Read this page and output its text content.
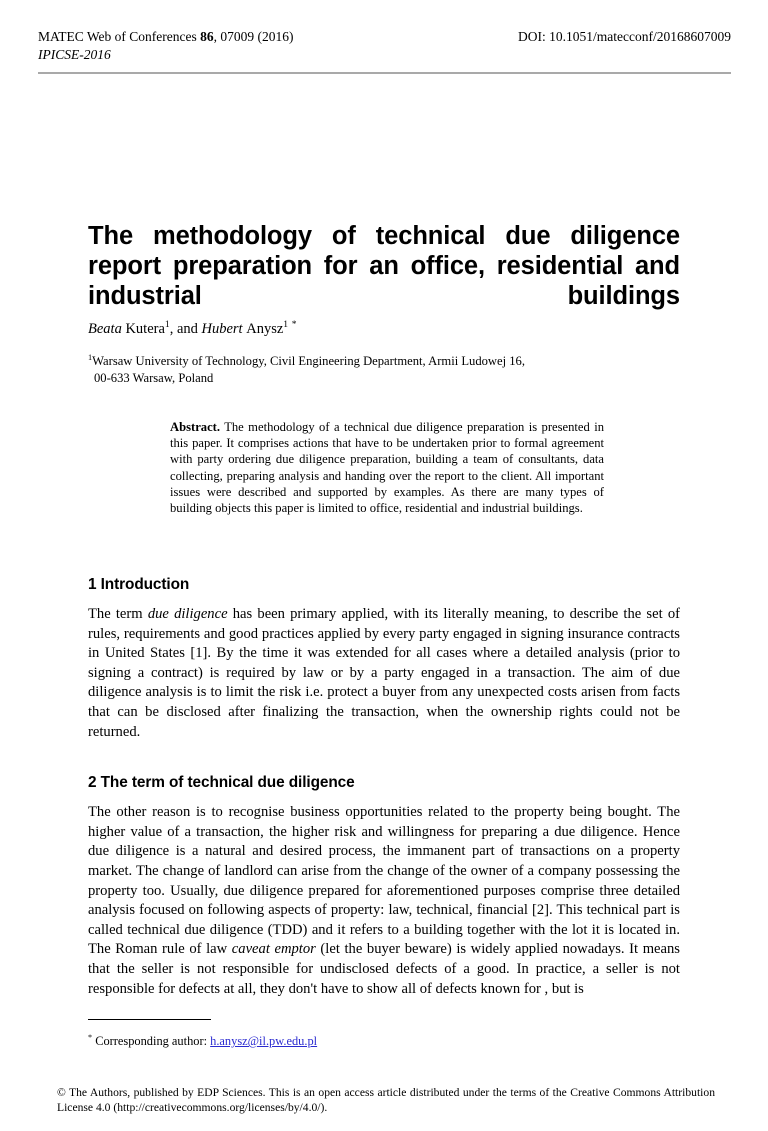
MATEC Web of Conferences 86, 07009 (2016)	DOI: 10.1051/matecconf/20168607009
IPICSE-2016
The methodology of technical due diligence report preparation for an office, residential and industrial buildings
Beata Kutera$^1$, and Hubert Anysz$^1$ *
$^1$Warsaw University of Technology, Civil Engineering Department, Armii Ludowej 16,
00-633 Warsaw, Poland
Abstract. The methodology of a technical due diligence preparation is presented in this paper. It comprises actions that have to be undertaken prior to formal agreement with party ordering due diligence preparation, building a team of consultants, data collecting, preparing analysis and handing over the report to the client. All important issues were described and supported by examples. As there are many types of building objects this paper is limited to office, residential and industrial buildings.
1 Introduction

The term due diligence has been primary applied, with its literally meaning, to describe the set of rules, requirements and good practices applied by every party engaged in signing insurance contracts in United States [1]. By the time it was extended for all cases where a detailed analysis (prior to signing a contract) is required by law or by a party engaged in a transaction. The aim of due diligence analysis is to limit the risk i.e. protect a buyer from any unexpected costs arisen from facts that can be disclosed after finalizing the transaction, when the ownership rights could not be returned.

2 The term of technical due diligence

The other reason is to recognise business opportunities related to the property being bought. The higher value of a transaction, the higher risk and willingness for preparing a due diligence. Hence due diligence is a natural and desired process, the immanent part of transactions on a property market. The change of landlord can arise from the change of the owner of a company possessing the property too. Usually, due diligence prepared for aforementioned purposes comprise three detailed analysis focused on following aspects of property: law, technical, financial [2]. This technical part is called technical due diligence (TDD) and it refers to a building together with the lot it is located in. The Roman rule of law caveat emptor (let the buyer beware) is widely applied nowadays. It means that the seller is not responsible for undisclosed defects of a good. In practice, a seller is not responsible for defects at all, they don't have to show all of defects known for , but is

* Corresponding author: h.anysz@il.pw.edu.pl
© The Authors, published by EDP Sciences. This is an open access article distributed under the terms of the Creative Commons Attribution License 4.0 (http://creativecommons.org/licenses/by/4.0/).
